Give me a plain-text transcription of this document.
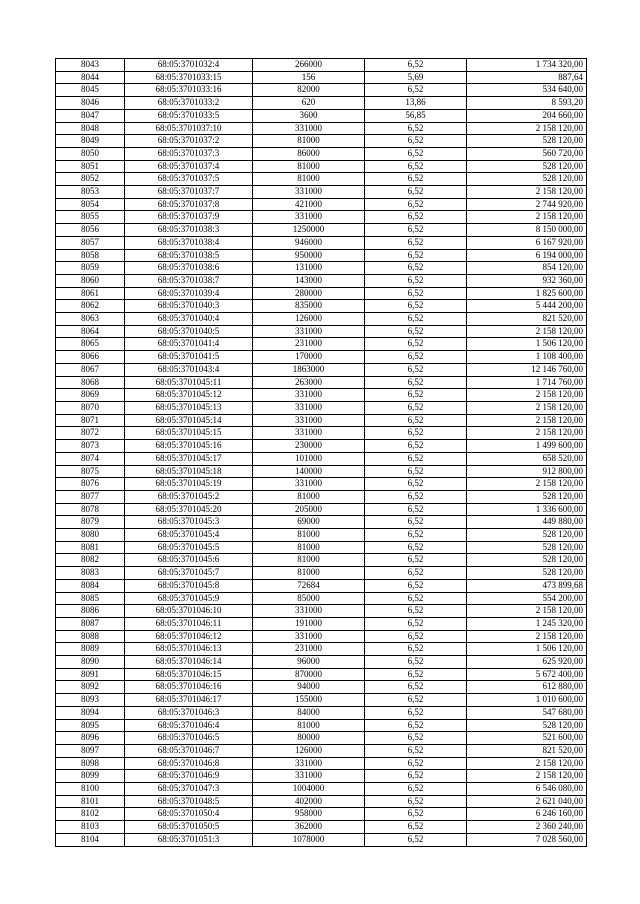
8043	68:05:3701032:4	266000	6,52	1 734 320,00
8044	68:05:3701033:15	156	5,69	887,64
8045	68:05:3701033:16	82000	6,52	534 640,00
8046	68:05:3701033:2	620	13,86	8 593,20
8047	68:05:3701033:5	3600	56,85	204 660,00
8048	68:05:3701037:10	331000	6,52	2 158 120,00
8049	68:05:3701037:2	81000	6,52	528 120,00
8050	68:05:3701037:3	86000	6,52	560 720,00
8051	68:05:3701037:4	81000	6,52	528 120,00
8052	68:05:3701037:5	81000	6,52	528 120,00
8053	68:05:3701037:7	331000	6,52	2 158 120,00
8054	68:05:3701037:8	421000	6,52	2 744 920,00
8055	68:05:3701037:9	331000	6,52	2 158 120,00
8056	68:05:3701038:3	1250000	6,52	8 150 000,00
8057	68:05:3701038:4	946000	6,52	6 167 920,00
8058	68:05:3701038:5	950000	6,52	6 194 000,00
8059	68:05:3701038:6	131000	6,52	854 120,00
8060	68:05:3701038:7	143000	6,52	932 360,00
8061	68:05:3701039:4	280000	6,52	1 825 600,00
8062	68:05:3701040:3	835000	6,52	5 444 200,00
8063	68:05:3701040:4	126000	6,52	821 520,00
8064	68:05:3701040:5	331000	6,52	2 158 120,00
8065	68:05:3701041:4	231000	6,52	1 506 120,00
8066	68:05:3701041:5	170000	6,52	1 108 400,00
8067	68:05:3701043:4	1863000	6,52	12 146 760,00
8068	68:05:3701045:11	263000	6,52	1 714 760,00
8069	68:05:3701045:12	331000	6,52	2 158 120,00
8070	68:05:3701045:13	331000	6,52	2 158 120,00
8071	68:05:3701045:14	331000	6,52	2 158 120,00
8072	68:05:3701045:15	331000	6,52	2 158 120,00
8073	68:05:3701045:16	230000	6,52	1 499 600,00
8074	68:05:3701045:17	101000	6,52	658 520,00
8075	68:05:3701045:18	140000	6,52	912 800,00
8076	68:05:3701045:19	331000	6,52	2 158 120,00
8077	68:05:3701045:2	81000	6,52	528 120,00
8078	68:05:3701045:20	205000	6,52	1 336 600,00
8079	68:05:3701045:3	69000	6,52	449 880,00
8080	68:05:3701045:4	81000	6,52	528 120,00
8081	68:05:3701045:5	81000	6,52	528 120,00
8082	68:05:3701045:6	81000	6,52	528 120,00
8083	68:05:3701045:7	81000	6,52	528 120,00
8084	68:05:3701045:8	72684	6,52	473 899,68
8085	68:05:3701045:9	85000	6,52	554 200,00
8086	68:05:3701046:10	331000	6,52	2 158 120,00
8087	68:05:3701046:11	191000	6,52	1 245 320,00
8088	68:05:3701046:12	331000	6,52	2 158 120,00
8089	68:05:3701046:13	231000	6,52	1 506 120,00
8090	68:05:3701046:14	96000	6,52	625 920,00
8091	68:05:3701046:15	870000	6,52	5 672 400,00
8092	68:05:3701046:16	94000	6,52	612 880,00
8093	68:05:3701046:17	155000	6,52	1 010 600,00
8094	68:05:3701046:3	84000	6,52	547 680,00
8095	68:05:3701046:4	81000	6,52	528 120,00
8096	68:05:3701046:5	80000	6,52	521 600,00
8097	68:05:3701046:7	126000	6,52	821 520,00
8098	68:05:3701046:8	331000	6,52	2 158 120,00
8099	68:05:3701046:9	331000	6,52	2 158 120,00
8100	68:05:3701047:3	1004000	6,52	6 546 080,00
8101	68:05:3701048:5	402000	6,52	2 621 040,00
8102	68:05:3701050:4	958000	6,52	6 246 160,00
8103	68:05:3701050:5	362000	6,52	2 360 240,00
8104	68:05:3701051:3	1078000	6,52	7 028 560,00
